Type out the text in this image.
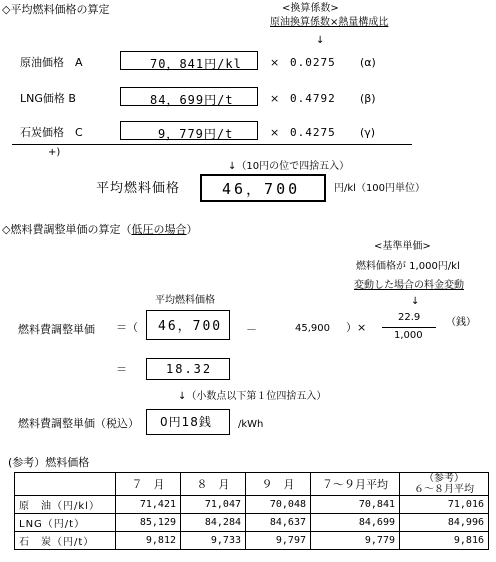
◇平均燃料価格の算定	<換算係数>
原油換算係数×熱量構成比
↓
原油価格　A	70，841円/kl	× 0.0275 (α)
LNG価格 B	84，699円/t	× 0.4792 (β)
石炭価格　C	9，779円/t	× 0.4275 (γ)
+)
↓（10円の位で四捨五入）
平均燃料価格	46，700	円/kl（100円単位）
◇燃料費調整単価の算定（低圧の場合）
<基準単価>
燃料価格が 1,000円/kl
変動した場合の料金変動
↓
平均燃料価格
燃料費調整単価 ＝（ 46，700 －	45,900 ）×
22.9
1,000
（銭）
＝	18.32
↓（小数点以下第１位四捨五入）
燃料費調整単価（税込） 0円18銭	/kWh
(参考）燃料価格
	７　月	８　月	９　月	７～９月平均	（参考）
６～８月平均
原　油（円/kl）	71,421	71,047	70,048	70,841	71,016
LNG（円/t）	85,129	84,284	84,637	84,699	84,996
石　炭（円/t）	9,812	9,733	9,797	9,779	9,816
